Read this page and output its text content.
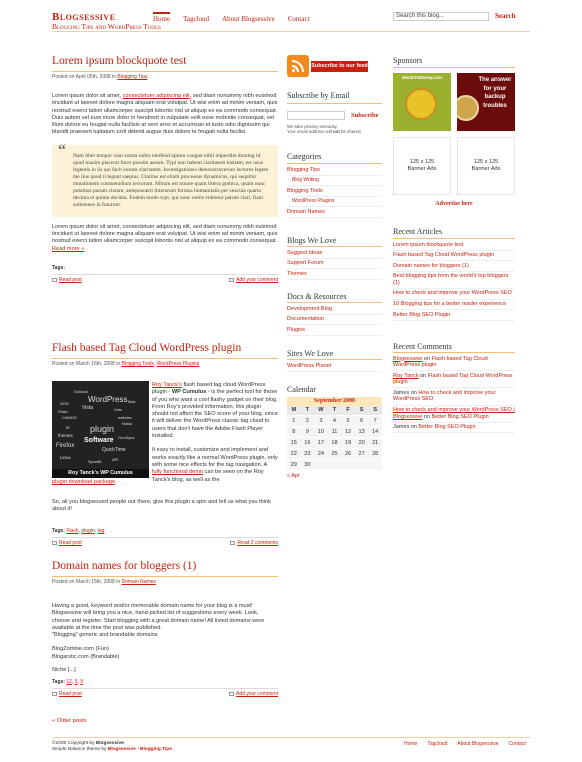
Blogsessive
Blogging Tips and WordPress Tools
Home Tagcloud About Blogsessive Contact	Search this blog...	Search
Lorem ipsum blockquote test
Posted on April 05th, 2008 in Blogging Tips
Lorem ipsum dolor sit amet, consectetuer adipiscing elit, sed diam nonummy nibh euismod tincidunt ut laoreet dolore magna aliquam erat volutpat. Ut wisi enim ad minim veniam, quis nostrud exerci tation ullamcorper suscipit lobortis nisl ut aliquip ex ea commodo consequat. Duis autem vel eum iriure dolor in hendrerit in vulputate velit esse molestie consequat, vel illum dolore eu feugiat nulla facilisis at vero eros et accumsan et iusto odio dignissim qui blandit praesent luptatum zzril delenit augue duis dolore te feugait nulla facilisi.
“ Nam liber tempor cum soluta nobis eleifend option congue nihil imperdiet doming id quod mazim placerat facer possim assum. Typi non habent claritatem insitam; est usus legentis in iis qui facit eorum claritatem. Investigationes demonstraverunt lectores legere me lius quod ii legunt saepius. Claritas est etiam processus dynamicus, qui sequitur mutationem consuetudium lectorum. Mirum est notare quam littera gothica, quam nunc putamus parum claram, anteposuerit litterarum formas humanitatis per seacula quarta decima et quinta decima. Eodem modo typi, qui nunc nobis videntur parum clari, fiant sollemnes in futurum.
Lorem ipsum dolor sit amet, consectetuer adipiscing elit, sed diam nonummy nibh euismod tincidunt ut laoreet dolore magna aliquam erat volutpat. Ut wisi enim ad minim veniam, quis nostrud exerci tation ullamcorper suscipit lobortis nisl ut aliquip ex ea commodo consequat. Read more »
Tags:
Read post	Add your comment
Flash based Tag Cloud WordPress plugin
Posted on March 16th, 2008 in Blogging Tools, WordPress Plugins
Roy Tanck's flash based tag cloud WordPress plugin - WP Cumulus - is the perfect tool for those of you who want a cool flashy gadget on their blog. From Roy's provided information, this plugin should not affect the SEO score of your blog, since it will deliver the WordPress classic tag cloud to users that don't have the Adobe Flash Player installed.
It easy to install, customize and implement and works exactly like a normal WordPress plugin, only with some nice effects for the tag navigation. A fully functional demo can be seen on the Roy Tanck's blog, as well as the
plugin download package.
So, all you blogsessed people out there, give this plugin a spin and tell us what you think about it!
Tags: Flash, plugin, tag
Read post	Read 2 comments
WordPress
Vista
DOS
Unix
plugin
CAMOS
Software
QuickTime
GooSync
Firefox
API
themes
Linux
Nokia
IE
webdev
Flash
Mac
SyncML
Outlook
Roy Tanck's WP Cumulus
Domain names for bloggers (1)
Posted on March 15th, 2008 in Domain Names
Having a good, keyword and/or memorable domain name for your blog is a must! Blogsessive will bring you a nice, hand-picked list of suggestions every week. Look, choose and register. Start blogging with a great domain name! All listed domains were available at the time the post was published.
"Blogging" generic and brandable domains
BlogZombie.com (Fun)
Blogarstic.com (Brandable)
Niche [...]
Tags: 12, 5, 9
Read post	Add your comment
« Older posts
Subscribe to our feed
Subscribe by Email
Subscribe
We take privacy seriously.
Your email address will not be shared.
Categories
Blogging Tips
Blog Writing
Blogging Tools
WordPress Plugins
Domain Names
Blogs We Love
Suggest Ideas
Support Forum
Themes
Docs & Resources
Development Blog
Documentation
Plugins
Sites We Love
WordPress Planet
Calendar
September 2008
M	T	W	T	F	S	S
1	2	3	4	5	6	7
8	9	10	11	12	13	14
15	16	17	18	19	20	21
22	23	24	25	26	27	28
29	30					
« Apr
Sponsors
MindsToMoney.com	The answer for your backup troubles
125 x 125
Banner Ads
125 x 125
Banner Ads
Advertise here
Recent Articles
Lorem ipsum blockquote test
Flash based Tag Cloud WordPress plugin
Domain names for bloggers (1)
Best blogging tips from the world's top bloggers (1)
How to check and improve your WordPress SEO
10 Blogging tips for a better reader experience
Better Blog SEO Plugin
Recent Comments
Blogsessive on Flash based Tag Cloud WordPress plugin
Roy Tanck on Flash based Tag Cloud WordPress plugin
James on How to check and improve your WordPress SEO
How to check and improve your WordPress SEO | Blogsessive on Better Blog SEO Plugin
James on Better Blog SEO Plugin
©2008 Copyright by Blogsessive.
Simple Balance theme by Blogsessive - Blogging Tips.
Home Tagcloud About Blogsessive Contact
